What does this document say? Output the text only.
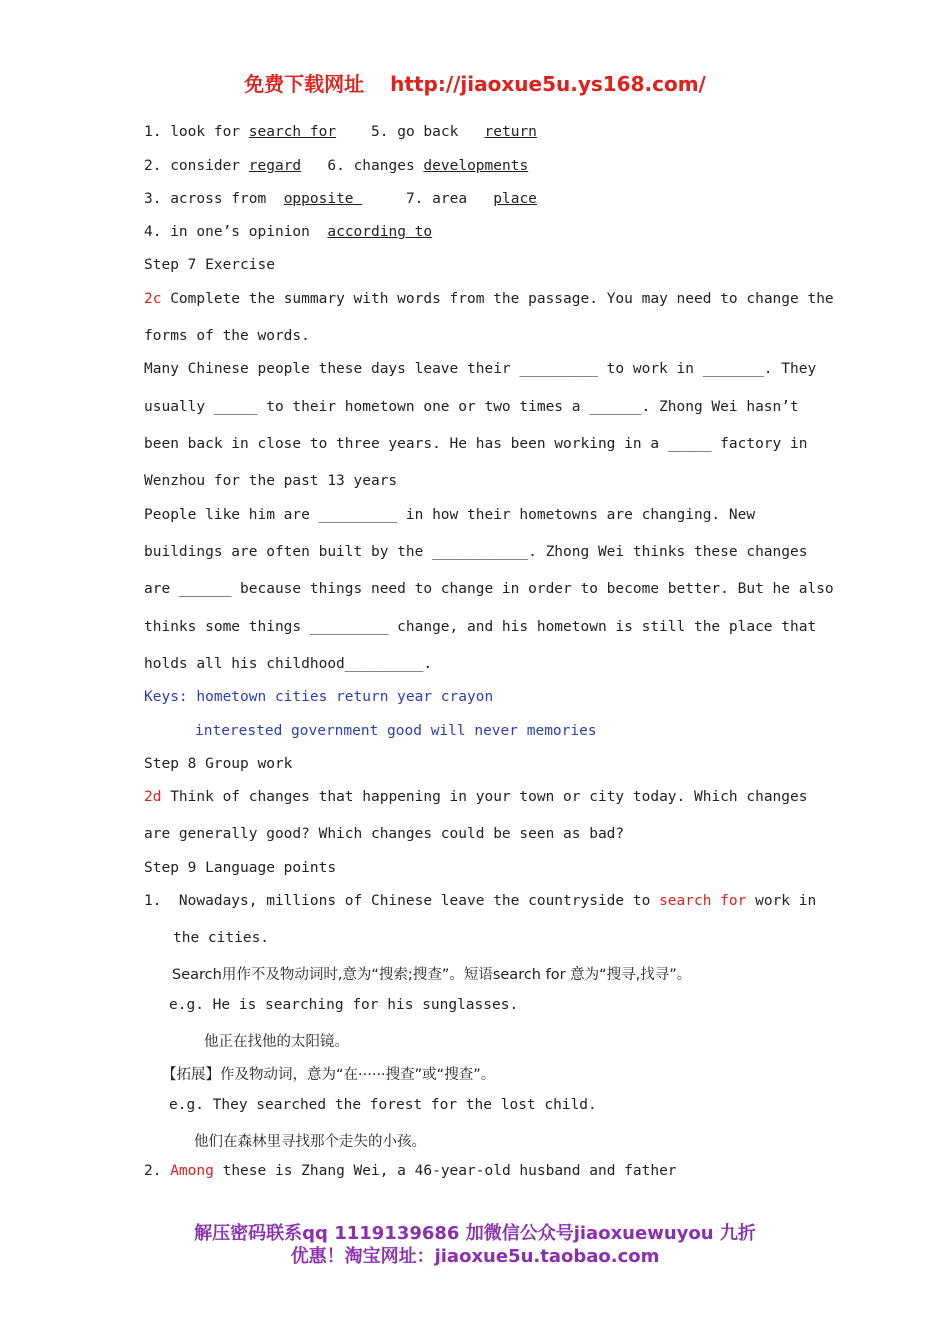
免费下载网址 http://jiaoxue5u.ys168.com/
1. look for search for 5. go back return
2. consider regard 6. changes developments
3. across from opposite	7. area place
4. in one’s opinion according to
Step 7 Exercise
2c Complete the summary with words from the passage. You may need to change the
forms of the words.
Many Chinese people these days leave their _________ to work in _______. They
usually _____ to their hometown one or two times a ______. Zhong Wei hasn’t
been back in close to three years. He has been working in a _____ factory in
Wenzhou for the past 13 years
People like him are _________ in how their hometowns are changing. New
buildings are often built by the ___________. Zhong Wei thinks these changes
are ______ because things need to change in order to become better. But he also
thinks some things _________ change, and his hometown is still the place that
holds all his childhood_________.
Keys: hometown cities return year crayon
interested government good will never memories
Step 8 Group work
2d Think of changes that happening in your town or city today. Which changes
are generally good? Which changes could be seen as bad?
Step 9 Language points
1.  Nowadays, millions of Chinese leave the countryside to search for work in
the cities.
Search用作不及物动词时,意为“搜索;搜查”。短语search for 意为“搜寻,找寻”。
e.g. He is searching for his sunglasses.
他正在找他的太阳镜。
【拓展】作及物动词，意为“在······搜查”或“搜查”。
e.g. They searched the forest for the lost child.
他们在森林里寻找那个走失的小孩。
2. Among these is Zhang Wei, a 46-year-old husband and father
解压密码联系qq 1119139686 加微信公众号jiaoxuewuyou 九折
优惠！淘宝网址：jiaoxue5u.taobao.com
